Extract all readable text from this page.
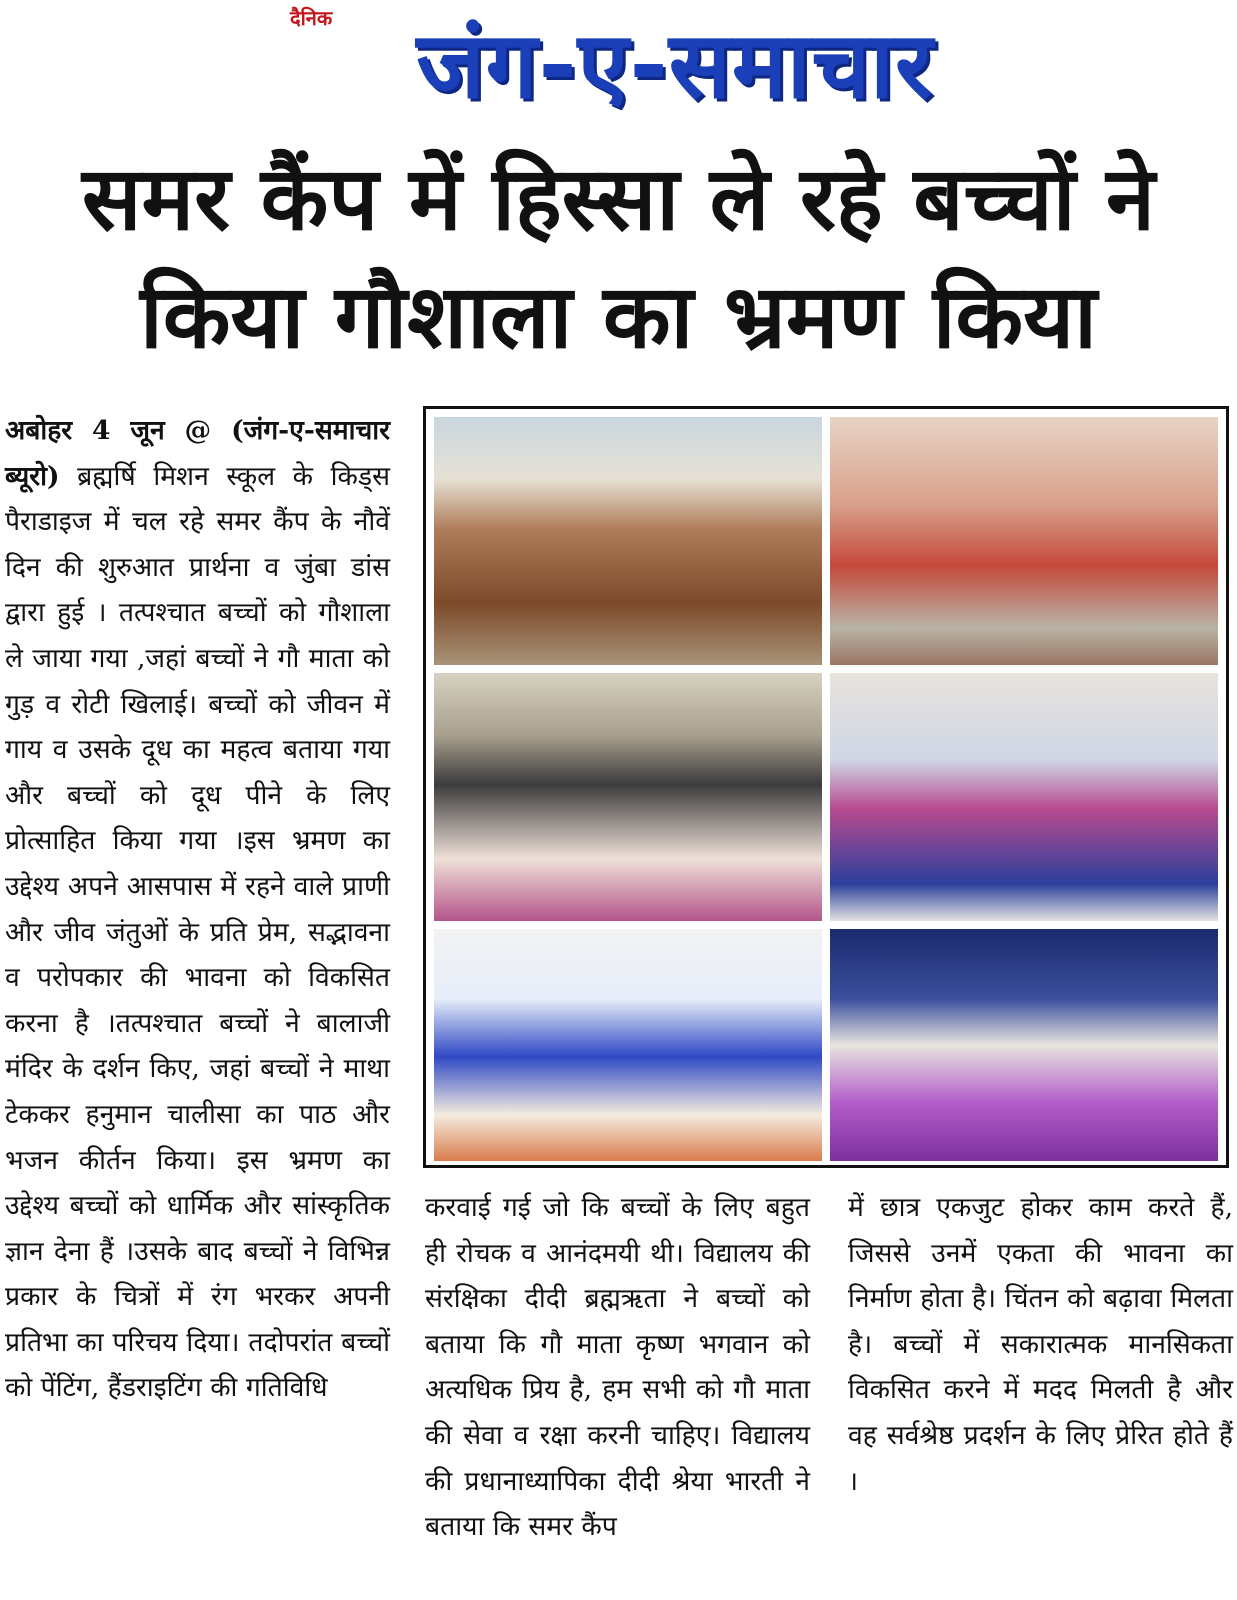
दैनिक जंग-ए-समाचार
समर कैंप में हिस्सा ले रहे बच्चों ने
किया गौशाला का भ्रमण किया
अबोहर 4 जून @ (जंग-ए-समाचार ब्यूरो) ब्रह्मर्षि मिशन स्कूल के किड्स पैराडाइज में चल रहे समर कैंप के नौवें दिन की शुरुआत प्रार्थना व जुंबा डांस द्वारा हुई । तत्पश्चात बच्चों को गौशाला ले जाया गया ,जहां बच्चों ने गौ माता को गुड़ व रोटी खिलाई। बच्चों को जीवन में गाय व उसके दूध का महत्व बताया गया और बच्चों को दूध पीने के लिए प्रोत्साहित किया गया ।इस भ्रमण का उद्देश्य अपने आसपास में रहने वाले प्राणी और जीव जंतुओं के प्रति प्रेम, सद्भावना व परोपकार की भावना को विकसित करना है ।तत्पश्चात बच्चों ने बालाजी मंदिर के दर्शन किए, जहां बच्चों ने माथा टेककर हनुमान चालीसा का पाठ और भजन कीर्तन किया। इस भ्रमण का उद्देश्य बच्चों को धार्मिक और सांस्कृतिक ज्ञान देना हैं ।उसके बाद बच्चों ने विभिन्न प्रकार के चित्रों में रंग भरकर अपनी प्रतिभा का परिचय दिया। तदोपरांत बच्चों को पेंटिंग, हैंडराइटिंग की गतिविधि
करवाई गई जो कि बच्चों के लिए बहुत ही रोचक व आनंदमयी थी। विद्यालय की संरक्षिका दीदी ब्रह्मऋता ने बच्चों को बताया कि गौ माता कृष्ण भगवान को अत्यधिक प्रिय है, हम सभी को गौ माता की सेवा व रक्षा करनी चाहिए। विद्यालय की प्रधानाध्यापिका दीदी श्रेया भारती ने बताया कि समर कैंप
में छात्र एकजुट होकर काम करते हैं, जिससे उनमें एकता की भावना का निर्माण होता है। चिंतन को बढ़ावा मिलता है। बच्चों में सकारात्मक मानसिकता विकसित करने में मदद मिलती है और वह सर्वश्रेष्ठ प्रदर्शन के लिए प्रेरित होते हैं ।
